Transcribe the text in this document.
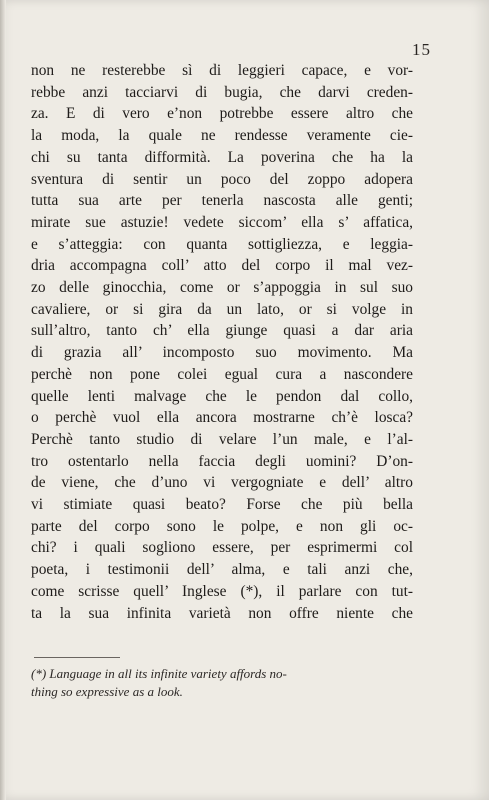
15
non ne resterebbe sì di leggieri capace, e vor-
rebbe anzi tacciarvi di bugia, che darvi creden-
za. E di vero e’non potrebbe essere altro che
la moda, la quale ne rendesse veramente cie-
chi su tanta difformità. La poverina che ha la
sventura di sentir un poco del zoppo adopera
tutta sua arte per tenerla nascosta alle genti;
mirate sue astuzie! vedete siccom’ ella s’ affatica,
e s’atteggia: con quanta sottigliezza, e leggia-
dria accompagna coll’ atto del corpo il mal vez-
zo delle ginocchia, come or s’appoggia in sul suo
cavaliere, or si gira da un lato, or si volge in
sull’altro, tanto ch’ ella giunge quasi a dar aria
di grazia all’ incomposto suo movimento. Ma
perchè non pone colei egual cura a nascondere
quelle lenti malvage che le pendon dal collo,
o perchè vuol ella ancora mostrarne ch’è losca?
Perchè tanto studio di velare l’un male, e l’al-
tro ostentarlo nella faccia degli uomini? D’on-
de viene, che d’uno vi vergogniate e dell’ altro
vi stimiate quasi beato? Forse che più bella
parte del corpo sono le polpe, e non gli oc-
chi? i quali sogliono essere, per esprimermi col
poeta, i testimonii dell’ alma, e tali anzi che,
come scrisse quell’ Inglese (*), il parlare con tut-
ta la sua infinita varietà non offre niente che
(*) Language in all its infinite variety affords no-
thing so expressive as a look.
